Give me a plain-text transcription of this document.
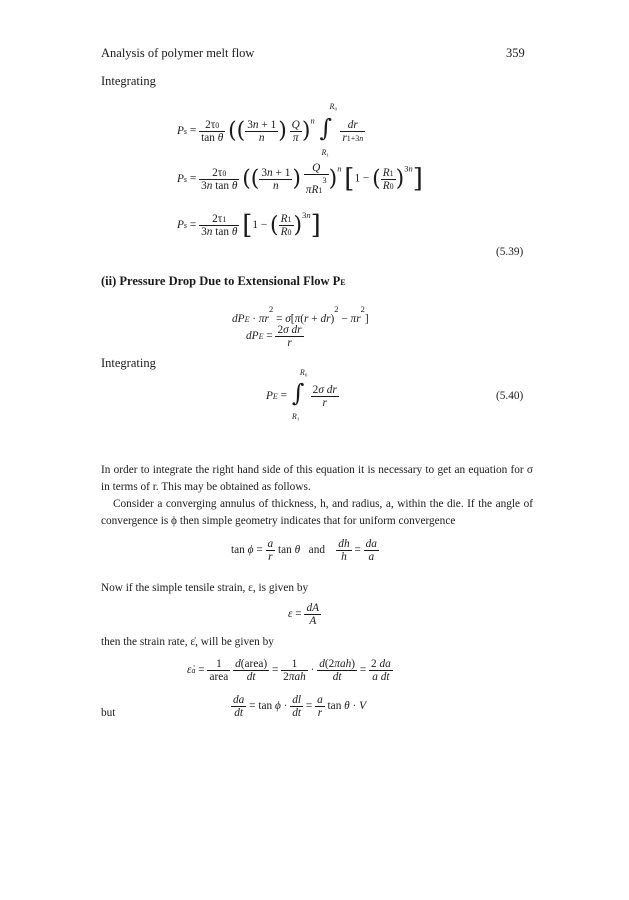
Analysis of polymer melt flow	359
Integrating
$Ps = \frac{2\tau 0}{\text{tan θ}}$ (( $\frac{3n + 1}{n}$ ) $\frac{Q}{\pi} )^n$ ∫
R₀
R₁

$\frac{dr}{r1+3n}$
$Ps = \frac{2\tau 0}{\text{3n tan θ}}$ (( $\frac{3n + 1}{n}$ ) $\frac{Q}{\pi R1^3} )^n$ [1 − ( $\frac{R1}{R0} )^{3n}$]
$Ps = \frac{2\tau 1}{\text{3n tan θ}} [1$ − ( $\frac{R1}{R0} )^{3n}$]
(5.39)
(ii) Pressure Drop Due to Extensional Flow PE
dPE · $\pi r^2 = \sigma[\pi(r + dr)^2 - \pi r^2]$
dPE = $\frac{\text{2σ dr}}{r}$
Integrating
PE = ∫
R₀
R₁

$\frac{\text{2σ dr}}{r}$	(5.40)

In order to integrate the right hand side of this equation it is necessary to get an equation for σ in terms of r. This may be obtained as follows.

Consider a converging annulus of thickness, h, and radius, a, within the die. If the angle of convergence is ϕ then simple geometry indicates that for uniform convergence

$\tan \phi = \frac{a}{r}$ tan θ   and $\frac{dh}{h} = \frac{da}{a}$

Now if the simple tensile strain, ε, is given by

$\varepsilon = \frac{dA}{A}$

then the strain rate, ε̇, will be given by

ε̇a = $\frac{1}{\text{area}}$
$\frac{\text{d(area)}}{dt} = \frac{1}{\text{2πah}} \cdot \frac{\text{d(2πah)}}{dt} = \frac{2 da}{\text{a dt}}$
but	$\frac{da}{dt} = \tan \phi \cdot \frac{dl}{dt} = \frac{a}{r}$ tan θ · V
